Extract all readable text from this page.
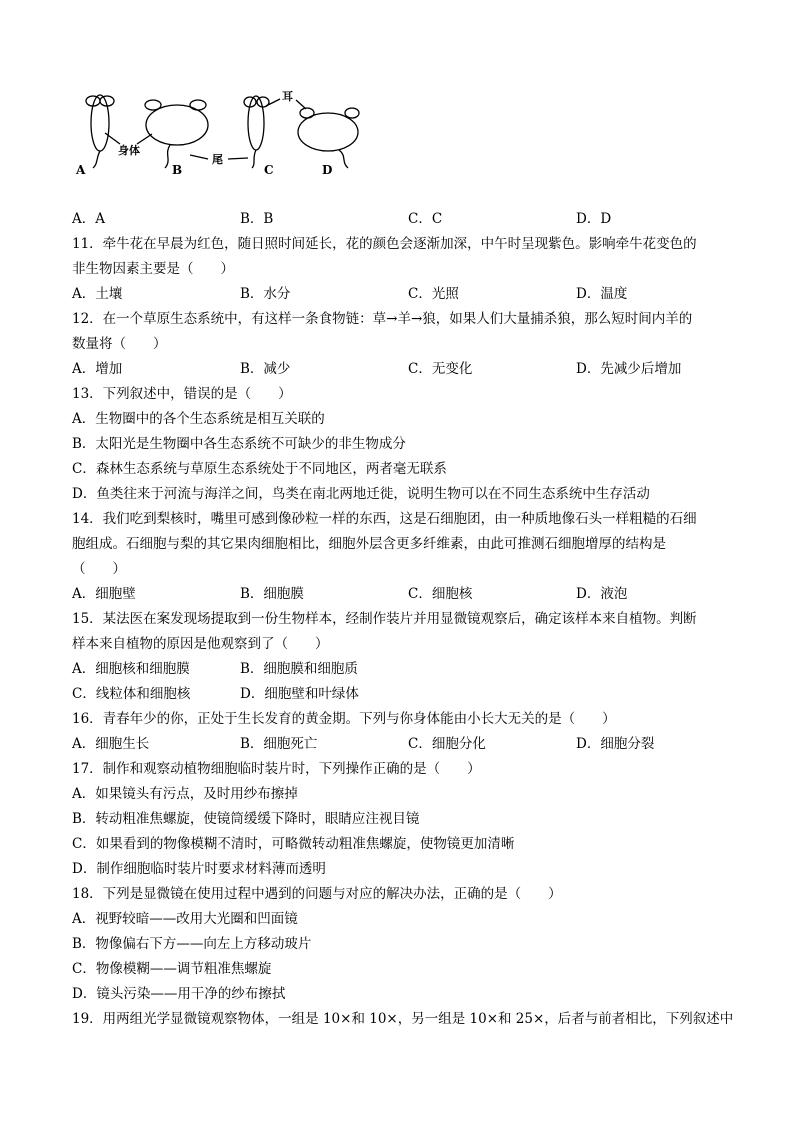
A	B	C	D
身体
尾
耳
A．A	B．B	C．C	D．D
11．牵牛花在早晨为红色，随日照时间延长，花的颜色会逐渐加深，中午时呈现紫色。影响牵牛花变色的
非生物因素主要是（　　）
A．土壤	B．水分	C．光照	D．温度
12．在一个草原生态系统中，有这样一条食物链：草→羊→狼，如果人们大量捕杀狼，那么短时间内羊的
数量将（　　）
A．增加	B．减少	C．无变化	D．先减少后增加
13．下列叙述中，错误的是（　　）
A．生物圈中的各个生态系统是相互关联的
B．太阳光是生物圈中各生态系统不可缺少的非生物成分
C．森林生态系统与草原生态系统处于不同地区，两者毫无联系
D．鱼类往来于河流与海洋之间，鸟类在南北两地迁徙，说明生物可以在不同生态系统中生存活动
14．我们吃到梨核时，嘴里可感到像砂粒一样的东西，这是石细胞团，由一种质地像石头一样粗糙的石细
胞组成。石细胞与梨的其它果肉细胞相比，细胞外层含更多纤维素，由此可推测石细胞增厚的结构是
（　　）
A．细胞壁	B．细胞膜	C．细胞核	D．液泡
15．某法医在案发现场提取到一份生物样本，经制作装片并用显微镜观察后，确定该样本来自植物。判断
样本来自植物的原因是他观察到了（　　）
A．细胞核和细胞膜	B．细胞膜和细胞质
C．线粒体和细胞核	D．细胞壁和叶绿体
16．青春年少的你，正处于生长发育的黄金期。下列与你身体能由小长大无关的是（　　）
A．细胞生长	B．细胞死亡	C．细胞分化	D．细胞分裂
17．制作和观察动植物细胞临时装片时，下列操作正确的是（　　）
A．如果镜头有污点，及时用纱布擦掉
B．转动粗准焦螺旋，使镜筒缓缓下降时，眼睛应注视目镜
C．如果看到的物像模糊不清时，可略微转动粗准焦螺旋，使物镜更加清晰
D．制作细胞临时装片时要求材料薄而透明
18．下列是显微镜在使用过程中遇到的问题与对应的解决办法，正确的是（　　）
A．视野较暗——改用大光圈和凹面镜
B．物像偏右下方——向左上方移动玻片
C．物像模糊——调节粗准焦螺旋
D．镜头污染——用干净的纱布擦拭
19．用两组光学显微镜观察物体，一组是 10×和 10×，另一组是 10×和 25×，后者与前者相比，下列叙述中
